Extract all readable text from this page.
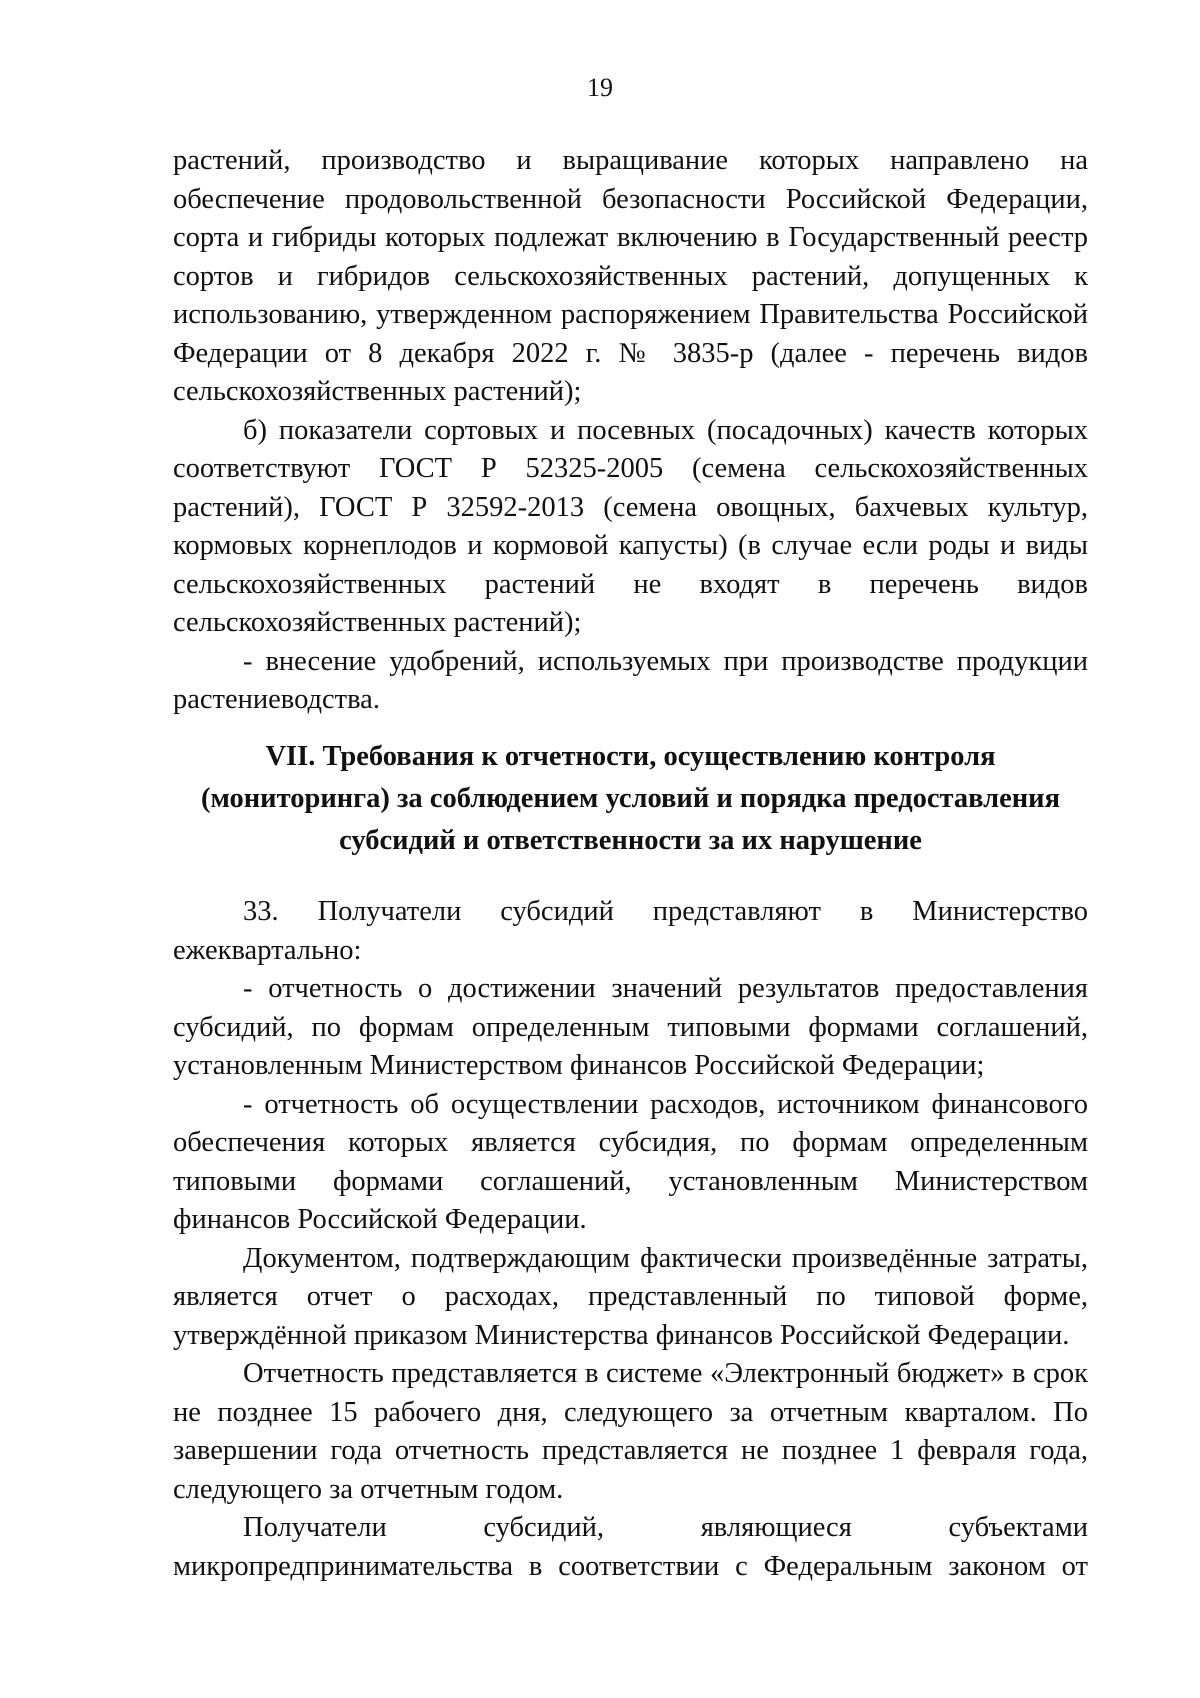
19
растений, производство и выращивание которых направлено на
обеспечение продовольственной безопасности Российской Федерации,
сорта и гибриды которых подлежат включению в Государственный реестр
сортов и гибридов сельскохозяйственных растений, допущенных к
использованию, утвержденном распоряжением Правительства Российской
Федерации от 8 декабря 2022 г. № 3835-р (далее - перечень видов
сельскохозяйственных растений);
б) показатели сортовых и посевных (посадочных) качеств которых
соответствуют ГОСТ Р 52325-2005 (семена сельскохозяйственных
растений), ГОСТ Р 32592-2013 (семена овощных, бахчевых культур,
кормовых корнеплодов и кормовой капусты) (в случае если роды и виды
сельскохозяйственных растений не входят в перечень видов
сельскохозяйственных растений);
- внесение удобрений, используемых при производстве продукции
растениеводства.
VII. Требования к отчетности, осуществлению контроля
(мониторинга) за соблюдением условий и порядка предоставления
субсидий и ответственности за их нарушение
33. Получатели субсидий представляют в Министерство
ежеквартально:
- отчетность о достижении значений результатов предоставления
субсидий, по формам определенным типовыми формами соглашений,
установленным Министерством финансов Российской Федерации;
- отчетность об осуществлении расходов, источником финансового
обеспечения которых является субсидия, по формам определенным
типовыми формами соглашений, установленным Министерством
финансов Российской Федерации.
Документом, подтверждающим фактически произведённые затраты,
является отчет о расходах, представленный по типовой форме,
утверждённой приказом Министерства финансов Российской Федерации.
Отчетность представляется в системе «Электронный бюджет» в срок
не позднее 15 рабочего дня, следующего за отчетным кварталом. По
завершении года отчетность представляется не позднее 1 февраля года,
следующего за отчетным годом.
Получатели субсидий, являющиеся субъектами
микропредпринимательства в соответствии с Федеральным законом от
